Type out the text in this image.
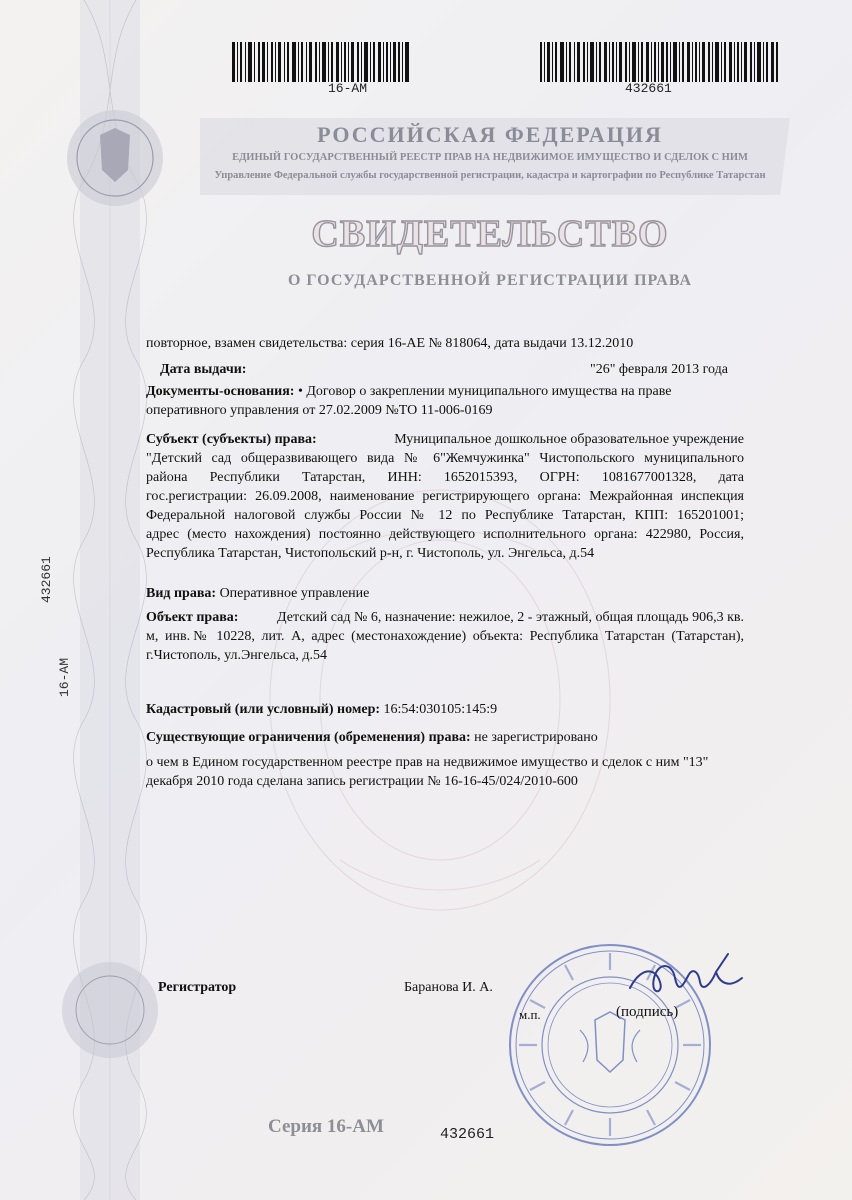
16-AM	432661
РОССИЙСКАЯ ФЕДЕРАЦИЯ
ЕДИНЫЙ ГОСУДАРСТВЕННЫЙ РЕЕСТР ПРАВ НА НЕДВИЖИМОЕ ИМУЩЕСТВО И СДЕЛОК С НИМ
Управление Федеральной службы государственной регистрации, кадастра и картографии по Республике Татарстан
СВИДЕТЕЛЬСТВО
О ГОСУДАРСТВЕННОЙ РЕГИСТРАЦИИ ПРАВА
16-АМ
432661
повторное, взамен свидетельства: серия 16-АЕ № 818064, дата выдачи 13.12.2010
Дата выдачи:	"26" февраля 2013 года
Документы-основания: • Договор о закреплении муниципального имущества на праве
оперативного управления от 27.02.2009 №ТО 11-006-0169
Субъект (субъекты) права:	Муниципальное дошкольное образовательное учреждение
"Детский сад общеразвивающего вида № 6"Жемчужинка" Чистопольского муниципального
района Республики Татарстан, ИНН: 1652015393, ОГРН: 1081677001328, дата
гос.регистрации: 26.09.2008, наименование регистрирующего органа: Межрайонная инспекция
Федеральной налоговой службы России № 12 по Республике Татарстан, КПП: 165201001;
адрес (место нахождения) постоянно действующего исполнительного органа: 422980, Россия,
Республика Татарстан, Чистопольский р-н, г. Чистополь, ул. Энгельса, д.54
Вид права: Оперативное управление
Объект права:	Детский сад № 6, назначение: нежилое, 2 - этажный, общая площадь 906,3 кв.
м, инв.№ 10228, лит. А, адрес (местонахождение) объекта: Республика Татарстан (Татарстан),
г.Чистополь, ул.Энгельса, д.54
Кадастровый (или условный) номер: 16:54:030105:145:9
Существующие ограничения (обременения) права: не зарегистрировано
о чем в Едином государственном реестре прав на недвижимое имущество и сделок с ним "13"
декабря 2010 года сделана запись регистрации № 16-16-45/024/2010-600
Регистратор	Баранова И. А.
м.п.	(подпись)
Серия 16-АМ	432661
